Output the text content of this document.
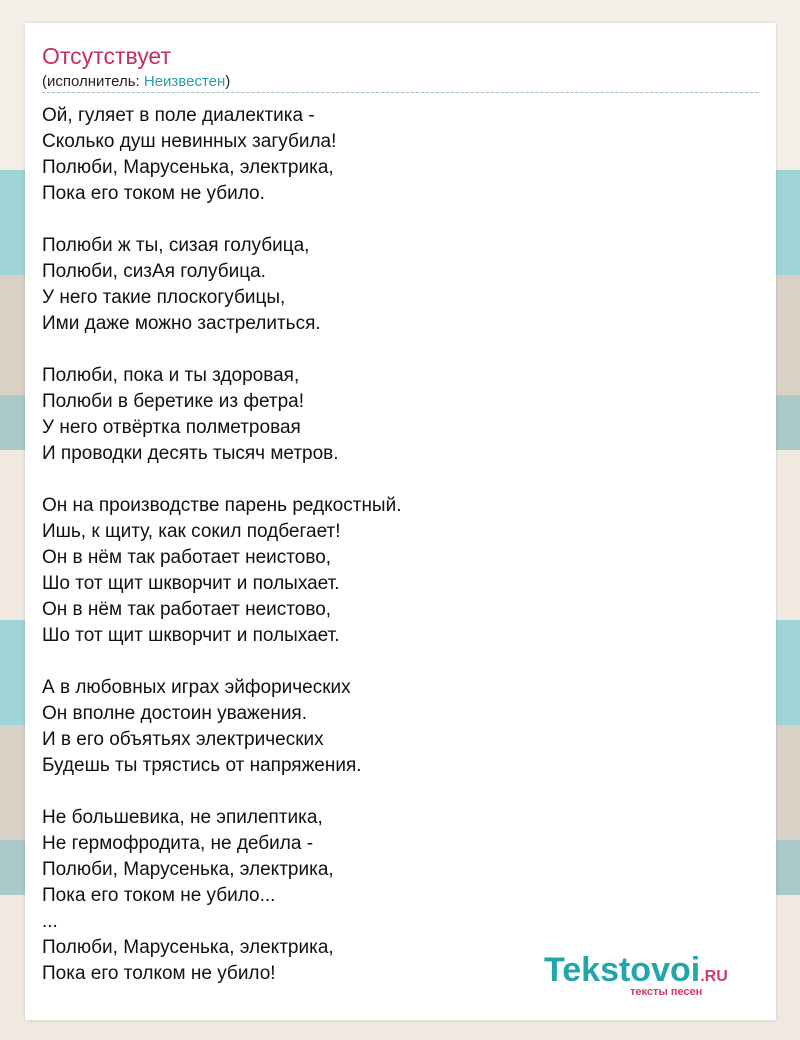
Отсутствует
(исполнитель: Неизвестен)
Ой, гуляет в поле диалектика -
Сколько душ невинных загубила!
Полюби, Марусенька, электрика,
Пока его током не убило.
Полюби ж ты, сизая голубица,
Полюби, сизАя голубица.
У него такие плоскогубицы,
Ими даже можно застрелиться.
Полюби, пока и ты здоровая,
Полюби в беретике из фетра!
У него отвёртка полметровая
И проводки десять тысяч метров.
Он на производстве парень редкостный.
Ишь, к щиту, как сокил подбегает!
Он в нём так работает неистово,
Шо тот щит шкворчит и полыхает.
Он в нём так работает неистово,
Шо тот щит шкворчит и полыхает.
А в любовных играх эйфорических
Он вполне достоин уважения.
И в его объятьях электрических
Будешь ты трястись от напряжения.
Не большевика, не эпилептика,
Не гермофродита, не дебила -
Полюби, Марусенька, электрика,
Пока его током не убило...
...
Полюби, Марусенька, электрика,
Пока его толком не убило!	Tekstovoi.RU
тексты песен
